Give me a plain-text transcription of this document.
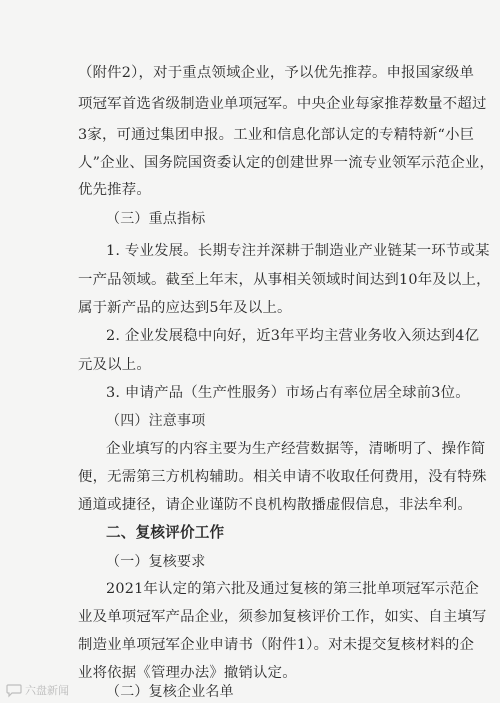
（附件2），对于重点领域企业，予以优先推荐。申报国家级单
项冠军首选省级制造业单项冠军。中央企业每家推荐数量不超过
3家，可通过集团申报。工业和信息化部认定的专精特新“小巨
人”企业、国务院国资委认定的创建世界一流专业领军示范企业，
优先推荐。
（三）重点指标
1. 专业发展。长期专注并深耕于制造业产业链某一环节或某
一产品领域。截至上年末，从事相关领域时间达到10年及以上，
属于新产品的应达到5年及以上。
2. 企业发展稳中向好，近3年平均主营业务收入须达到4亿
元及以上。
3. 申请产品（生产性服务）市场占有率位居全球前3位。
（四）注意事项
企业填写的内容主要为生产经营数据等，清晰明了、操作简
便，无需第三方机构辅助。相关申请不收取任何费用，没有特殊
通道或捷径，请企业谨防不良机构散播虚假信息，非法牟利。
二、复核评价工作
（一）复核要求
2021年认定的第六批及通过复核的第三批单项冠军示范企
业及单项冠军产品企业，须参加复核评价工作，如实、自主填写
制造业单项冠军企业申请书（附件1）。对未提交复核材料的企
业将依据《管理办法》撤销认定。
（二）复核企业名单
六盘新闻
